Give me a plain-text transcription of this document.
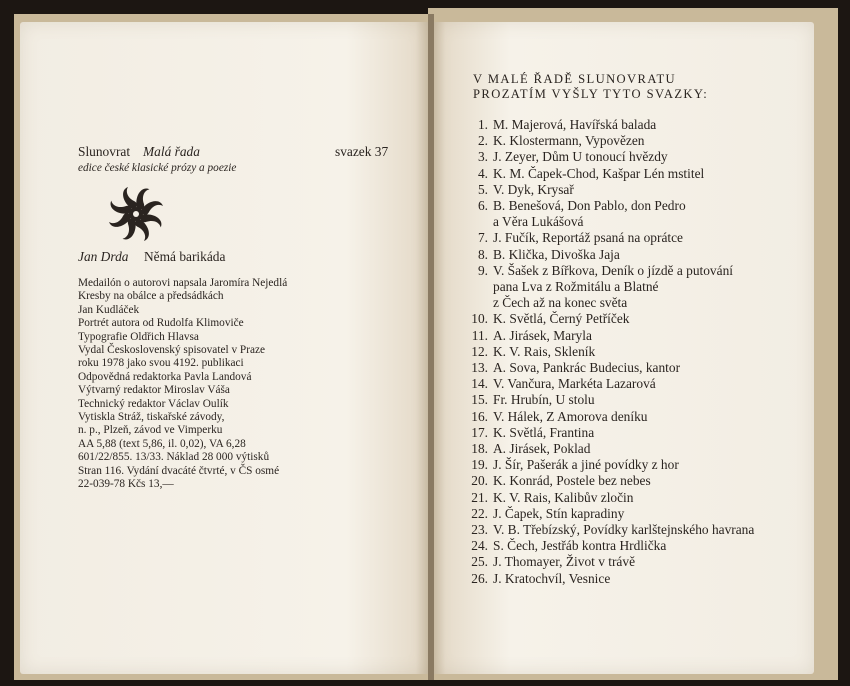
Slunovrat Malá řada	svazek 37
edice české klasické prózy a poezie
Jan Drda Němá barikáda
Medailón o autorovi napsala Jaromíra Nejedlá
Kresby na obálce a předsádkách
Jan Kudláček
Portrét autora od Rudolfa Klimoviče
Typografie Oldřich Hlavsa
Vydal Československý spisovatel v Praze
roku 1978 jako svou 4192. publikaci
Odpovědná redaktorka Pavla Landová
Výtvarný redaktor Miroslav Váša
Technický redaktor Václav Oulík
Vytiskla Stráž, tiskařské závody,
n. p., Plzeň, závod ve Vimperku
AA 5,88 (text 5,86, il. 0,02), VA 6,28
601/22/855. 13/33. Náklad 28 000 výtisků
Stran 116. Vydání dvacáté čtvrté, v ČS osmé
22-039-78 Kčs 13,—
V MALÉ ŘADĚ SLUNOVRATU
PROZATÍM VYŠLY TYTO SVAZKY:
1. M. Majerová, Havířská balada
2. K. Klostermann, Vypovězen
3. J. Zeyer, Dům U tonoucí hvězdy
4. K. M. Čapek-Chod, Kašpar Lén mstitel
5. V. Dyk, Krysař
6. B. Benešová, Don Pablo, don Pedro
a Věra Lukášová
7. J. Fučík, Reportáž psaná na oprátce
8. B. Klička, Divoška Jaja
9. V. Šašek z Bířkova, Deník o jízdě a putování
pana Lva z Rožmitálu a Blatné
z Čech až na konec světa
10. K. Světlá, Černý Petříček
11. A. Jirásek, Maryla
12. K. V. Rais, Skleník
13. A. Sova, Pankrác Budecius, kantor
14. V. Vančura, Markéta Lazarová
15. Fr. Hrubín, U stolu
16. V. Hálek, Z Amorova deníku
17. K. Světlá, Frantina
18. A. Jirásek, Poklad
19. J. Šír, Pašerák a jiné povídky z hor
20. K. Konrád, Postele bez nebes
21. K. V. Rais, Kalibův zločin
22. J. Čapek, Stín kapradiny
23. V. B. Třebízský, Povídky karlštejnského havrana
24. S. Čech, Jestřáb kontra Hrdlička
25. J. Thomayer, Život v trávě
26. J. Kratochvíl, Vesnice
